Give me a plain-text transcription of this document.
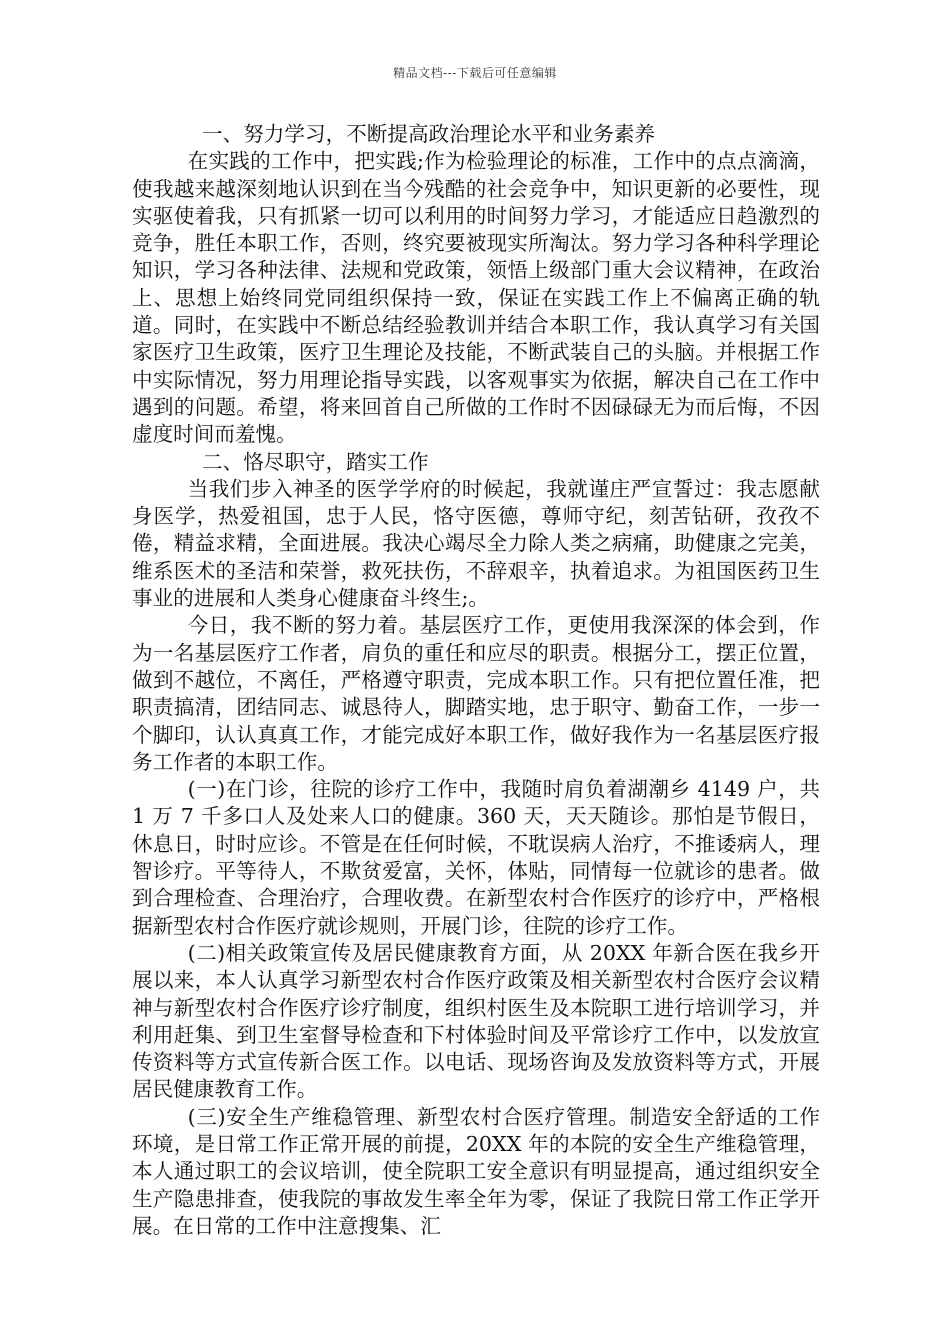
精品文档---下载后可任意编辑

一、努力学习，不断提高政治理论水平和业务素养

在实践的工作中，把实践;作为检验理论的标准，工作中的点点滴滴，使我越来越深刻地认识到在当今残酷的社会竞争中，知识更新的必要性，现实驱使着我，只有抓紧一切可以利用的时间努力学习，才能适应日趋激烈的竞争，胜任本职工作，否则，终究要被现实所淘汰。努力学习各种科学理论知识，学习各种法律、法规和党政策，领悟上级部门重大会议精神，在政治上、思想上始终同党同组织保持一致，保证在实践工作上不偏离正确的轨道。同时，在实践中不断总结经验教训并结合本职工作，我认真学习有关国家医疗卫生政策，医疗卫生理论及技能，不断武装自己的头脑。并根据工作中实际情况，努力用理论指导实践，以客观事实为依据，解决自己在工作中遇到的问题。希望，将来回首自己所做的工作时不因碌碌无为而后悔，不因虚度时间而羞愧。

二、恪尽职守，踏实工作

当我们步入神圣的医学学府的时候起，我就谨庄严宣誓过：我志愿献身医学，热爱祖国，忠于人民，恪守医德，尊师守纪，刻苦钻研，孜孜不倦，精益求精，全面进展。我决心竭尽全力除人类之病痛，助健康之完美，维系医术的圣洁和荣誉，救死扶伤，不辞艰辛，执着追求。为祖国医药卫生事业的进展和人类身心健康奋斗终生;。

今日，我不断的努力着。基层医疗工作，更使用我深深的体会到，作为一名基层医疗工作者，肩负的重任和应尽的职责。根据分工，摆正位置，做到不越位，不离任，严格遵守职责，完成本职工作。只有把位置任准，把职责搞清，团结同志、诚恳待人，脚踏实地，忠于职守、勤奋工作，一步一个脚印，认认真真工作，才能完成好本职工作，做好我作为一名基层医疗报务工作者的本职工作。

(一)在门诊，往院的诊疗工作中，我随时肩负着湖潮乡 4149 户，共 1 万 7 千多口人及处来人口的健康。360 天，天天随诊。那怕是节假日，休息日，时时应诊。不管是在任何时候，不耽误病人治疗，不推诿病人，理智诊疗。平等待人，不欺贫爱富，关怀，体贴，同情每一位就诊的患者。做到合理检查、合理治疗，合理收费。在新型农村合作医疗的诊疗中，严格根据新型农村合作医疗就诊规则，开展门诊，往院的诊疗工作。

(二)相关政策宣传及居民健康教育方面，从 20XX 年新合医在我乡开展以来，本人认真学习新型农村合作医疗政策及相关新型农村合医疗会议精神与新型农村合作医疗诊疗制度，组织村医生及本院职工进行培训学习，并利用赶集、到卫生室督导检查和下村体验时间及平常诊疗工作中，以发放宣传资料等方式宣传新合医工作。以电话、现场咨询及发放资料等方式，开展居民健康教育工作。

(三)安全生产维稳管理、新型农村合医疗管理。制造安全舒适的工作环境，是日常工作正常开展的前提，20XX 年的本院的安全生产维稳管理，本人通过职工的会议培训，使全院职工安全意识有明显提高，通过组织安全生产隐患排查，使我院的事故发生率全年为零，保证了我院日常工作正学开展。在日常的工作中注意搜集、汇
